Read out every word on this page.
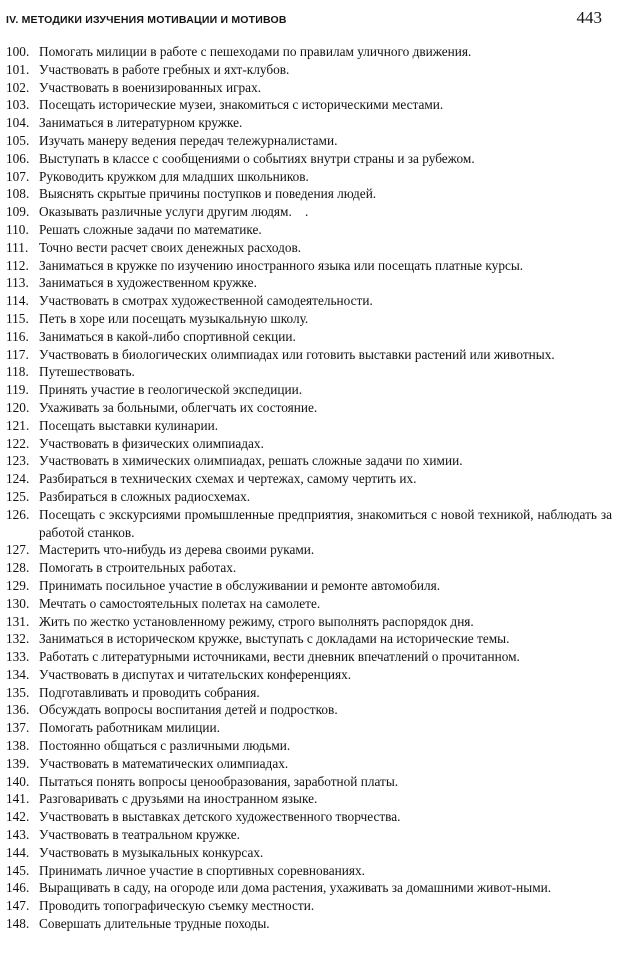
IV. МЕТОДИКИ ИЗУЧЕНИЯ МОТИВАЦИИ И МОТИВОВ	443
100. Помогать милиции в работе с пешеходами по правилам уличного движения.
101. Участвовать в работе гребных и яхт-клубов.
102. Участвовать в военизированных играх.
103. Посещать исторические музеи, знакомиться с историческими местами.
104. Заниматься в литературном кружке.
105. Изучать манеру ведения передач тележурналистами.
106. Выступать в классе с сообщениями о событиях внутри страны и за рубежом.
107. Руководить кружком для младших школьников.
108. Выяснять скрытые причины поступков и поведения людей.
109. Оказывать различные услуги другим людям.    .
110. Решать сложные задачи по математике.
111. Точно вести расчет своих денежных расходов.
112. Заниматься в кружке по изучению иностранного языка или посещать платные курсы.
113. Заниматься в художественном кружке.
114. Участвовать в смотрах художественной самодеятельности.
115. Петь в хоре или посещать музыкальную школу.
116. Заниматься в какой-либо спортивной секции.
117. Участвовать в биологических олимпиадах или готовить выставки растений или животных.
118. Путешествовать.
119. Принять участие в геологической экспедиции.
120. Ухаживать за больными, облегчать их состояние.
121. Посещать выставки кулинарии.
122. Участвовать в физических олимпиадах.
123. Участвовать в химических олимпиадах, решать сложные задачи по химии.
124. Разбираться в технических схемах и чертежах, самому чертить их.
125. Разбираться в сложных радиосхемах.
126. Посещать с экскурсиями промышленные предприятия, знакомиться с новой техникой, наблюдать за работой станков.
127. Мастерить что-нибудь из дерева своими руками.
128. Помогать в строительных работах.
129. Принимать посильное участие в обслуживании и ремонте автомобиля.
130. Мечтать о самостоятельных полетах на самолете.
131. Жить по жестко установленному режиму, строго выполнять распорядок дня.
132. Заниматься в историческом кружке, выступать с докладами на исторические темы.
133. Работать с литературными источниками, вести дневник впечатлений о прочитанном.
134. Участвовать в диспутах и читательских конференциях.
135. Подготавливать и проводить собрания.
136. Обсуждать вопросы воспитания детей и подростков.
137. Помогать работникам милиции.
138. Постоянно общаться с различными людьми.
139. Участвовать в математических олимпиадах.
140. Пытаться понять вопросы ценообразования, заработной платы.
141. Разговаривать с друзьями на иностранном языке.
142. Участвовать в выставках детского художественного творчества.
143. Участвовать в театральном кружке.
144. Участвовать в музыкальных конкурсах.
145. Принимать личное участие в спортивных соревнованиях.
146. Выращивать в саду, на огороде или дома растения, ухаживать за домашними живот-ными.
147. Проводить топографическую съемку местности.
148. Совершать длительные трудные походы.
